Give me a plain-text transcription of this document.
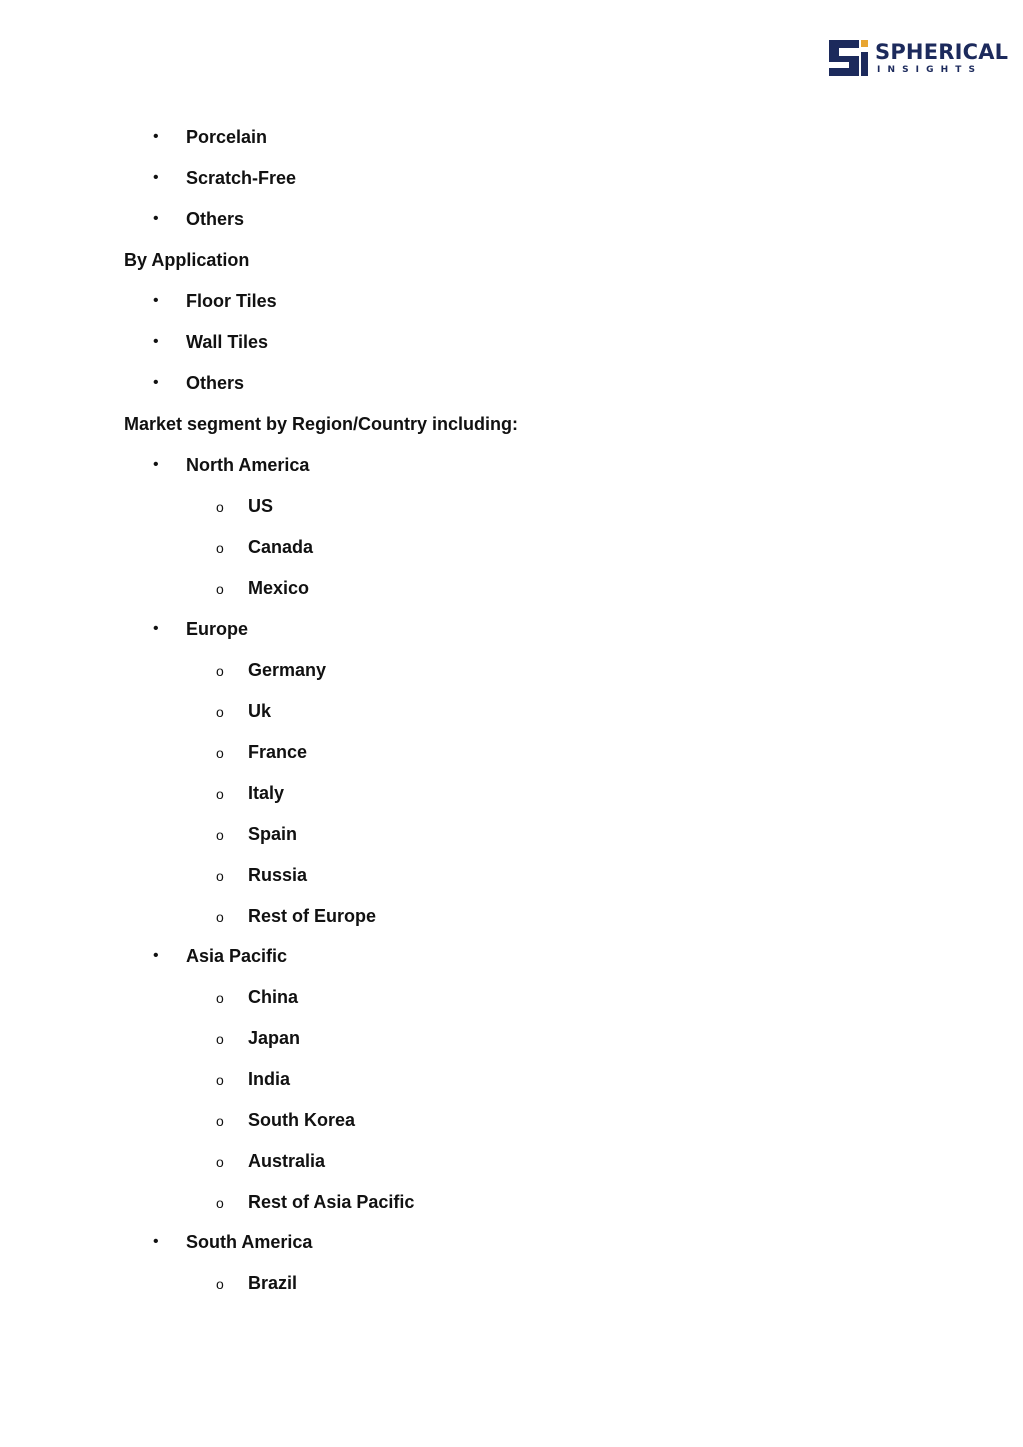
SPHERICAL
INSIGHTS
• Porcelain
• Scratch-Free
• Others
By Application
• Floor Tiles
• Wall Tiles
• Others
Market segment by Region/Country including:
• North America
o US
o Canada
o Mexico
• Europe
o Germany
o Uk
o France
o Italy
o Spain
o Russia
o Rest of Europe
• Asia Pacific
o China
o Japan
o India
o South Korea
o Australia
o Rest of Asia Pacific
• South America
o Brazil
